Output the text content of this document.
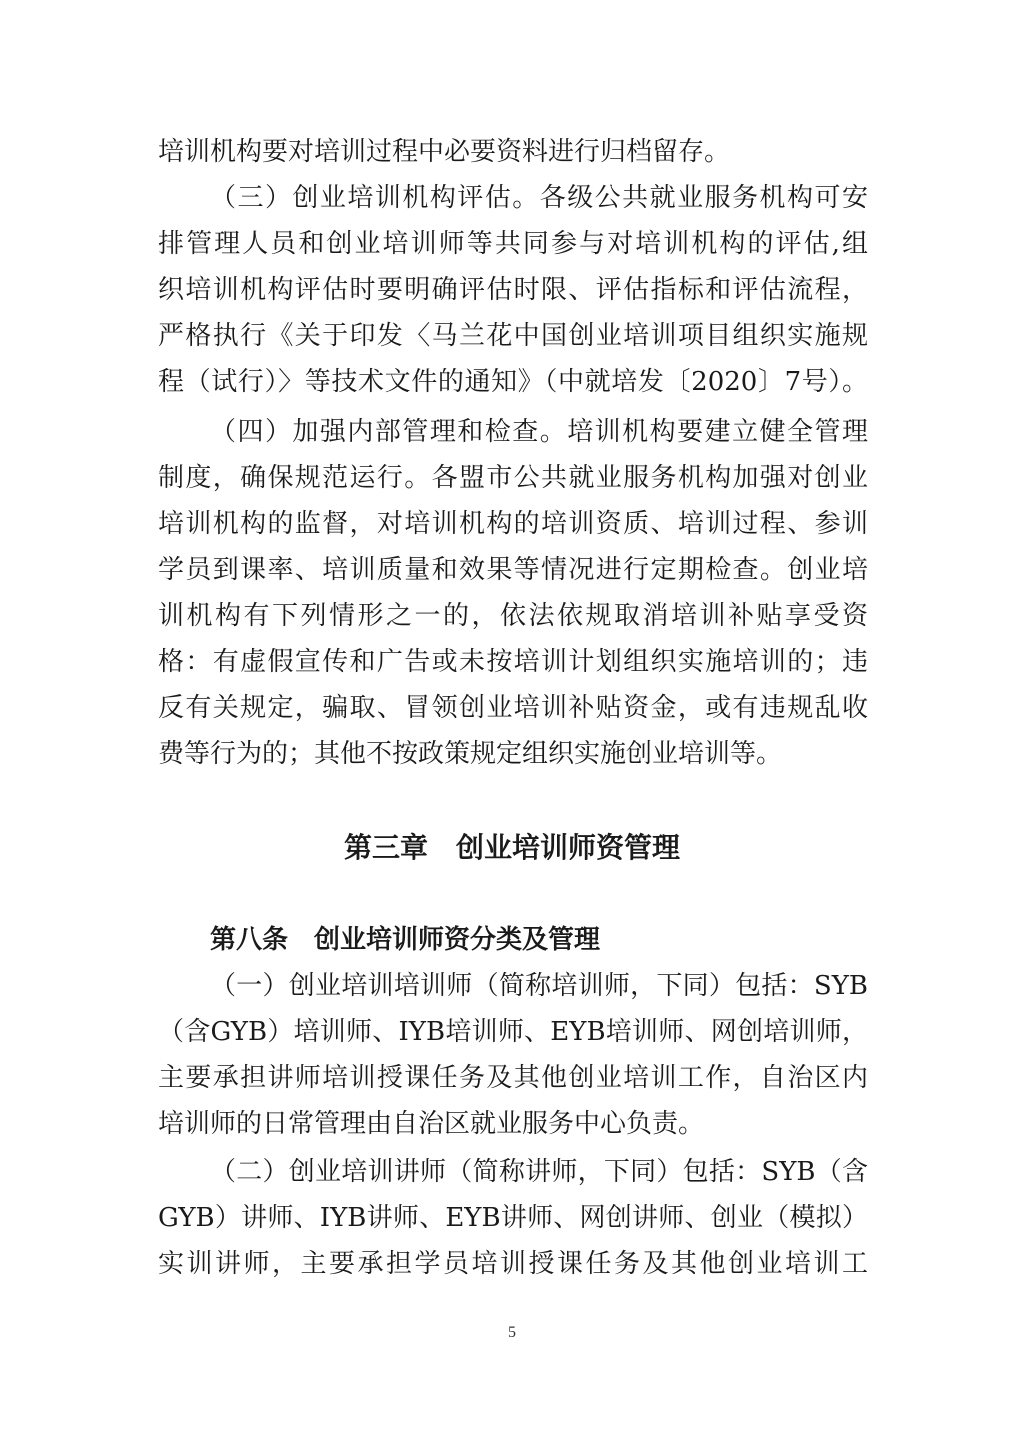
培训机构要对培训过程中必要资料进行归档留存。
（三）创业培训机构评估。各级公共就业服务机构可安
排管理人员和创业培训师等共同参与对培训机构的评估,组
织培训机构评估时要明确评估时限、评估指标和评估流程，
严格执行《关于印发〈马兰花中国创业培训项目组织实施规
程（试行）〉等技术文件的通知》（中就培发〔2020〕7号）。
（四）加强内部管理和检查。培训机构要建立健全管理
制度，确保规范运行。各盟市公共就业服务机构加强对创业
培训机构的监督，对培训机构的培训资质、培训过程、参训
学员到课率、培训质量和效果等情况进行定期检查。创业培
训机构有下列情形之一的，依法依规取消培训补贴享受资
格：有虚假宣传和广告或未按培训计划组织实施培训的；违
反有关规定，骗取、冒领创业培训补贴资金，或有违规乱收
费等行为的；其他不按政策规定组织实施创业培训等。
第三章　创业培训师资管理
第八条　创业培训师资分类及管理
（一）创业培训培训师（简称培训师，下同）包括：SYB
（含GYB）培训师、IYB培训师、EYB培训师、网创培训师，
主要承担讲师培训授课任务及其他创业培训工作，自治区内
培训师的日常管理由自治区就业服务中心负责。
（二）创业培训讲师（简称讲师，下同）包括：SYB（含
GYB）讲师、IYB讲师、EYB讲师、网创讲师、创业（模拟）
实训讲师，主要承担学员培训授课任务及其他创业培训工
5
